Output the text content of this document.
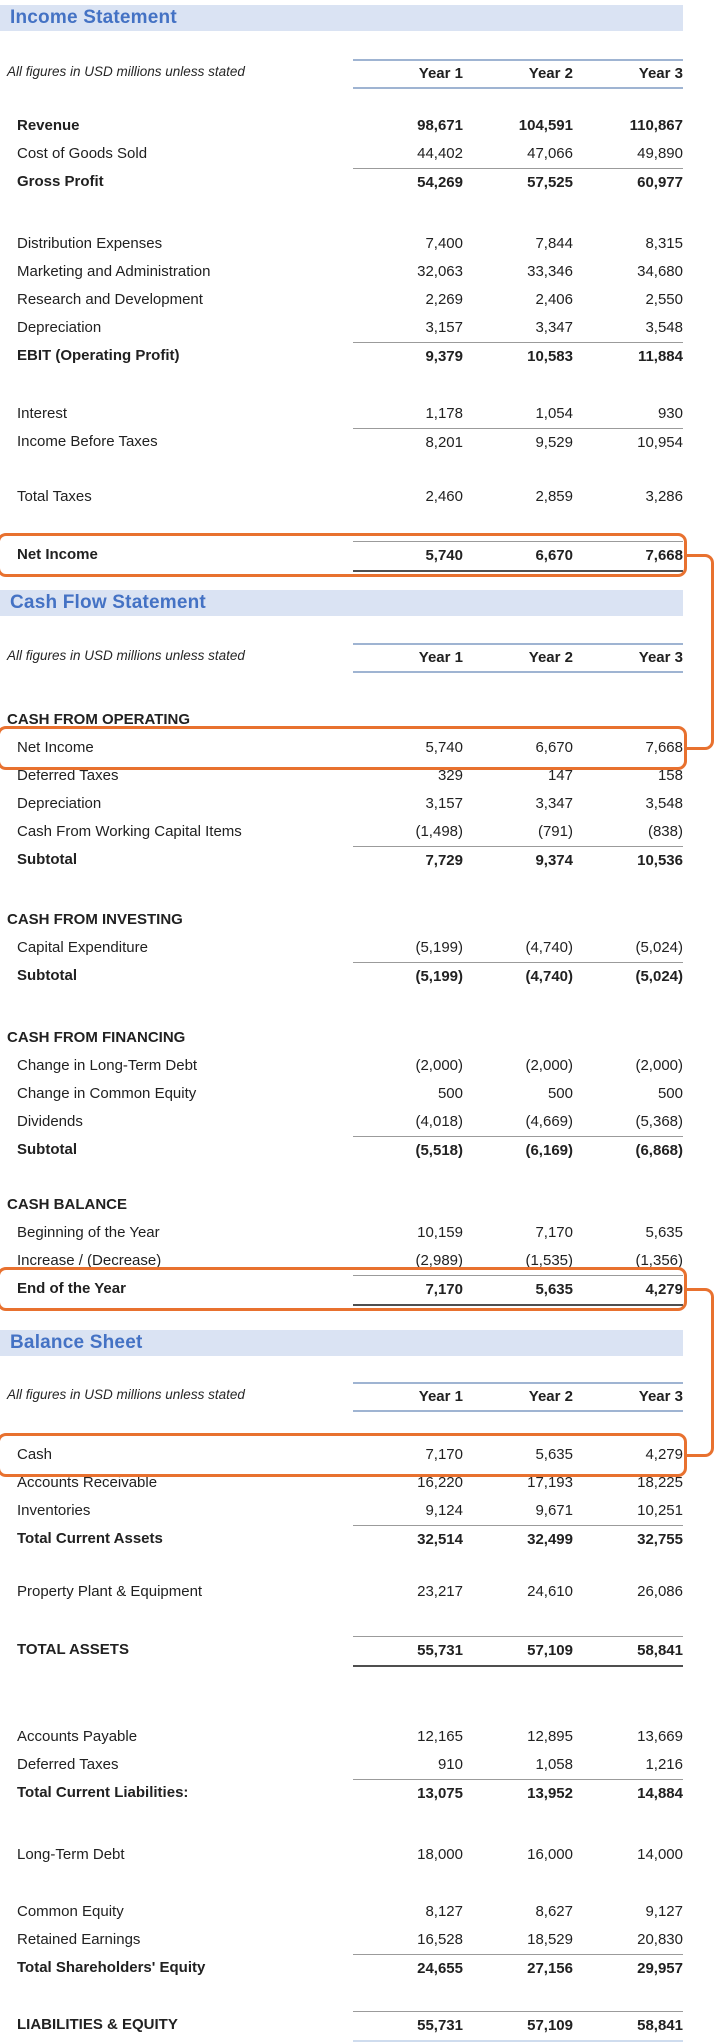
Income Statement
All figures in USD millions unless stated	Year 1	Year 2	Year 3
Revenue	98,671	104,591	110,867
Cost of Goods Sold	44,402	47,066	49,890
Gross Profit	54,269	57,525	60,977
Distribution Expenses	7,400	7,844	8,315
Marketing and Administration	32,063	33,346	34,680
Research and Development	2,269	2,406	2,550
Depreciation	3,157	3,347	3,548
EBIT (Operating Profit)	9,379	10,583	11,884
Interest	1,178	1,054	930
Income Before Taxes	8,201	9,529	10,954
Total Taxes	2,460	2,859	3,286
Net Income	5,740	6,670	7,668
Cash Flow Statement
All figures in USD millions unless stated	Year 1	Year 2	Year 3
CASH FROM OPERATING
Net Income	5,740	6,670	7,668
Deferred Taxes	329	147	158
Depreciation	3,157	3,347	3,548
Cash From Working Capital Items	(1,498)	(791)	(838)
Subtotal	7,729	9,374	10,536
CASH FROM INVESTING
Capital Expenditure	(5,199)	(4,740)	(5,024)
Subtotal	(5,199)	(4,740)	(5,024)
CASH FROM FINANCING
Change in Long-Term Debt	(2,000)	(2,000)	(2,000)
Change in Common Equity	500	500	500
Dividends	(4,018)	(4,669)	(5,368)
Subtotal	(5,518)	(6,169)	(6,868)
CASH BALANCE
Beginning of the Year	10,159	7,170	5,635
Increase / (Decrease)	(2,989)	(1,535)	(1,356)
End of the Year	7,170	5,635	4,279
Balance Sheet
All figures in USD millions unless stated	Year 1	Year 2	Year 3
Cash	7,170	5,635	4,279
Accounts Receivable	16,220	17,193	18,225
Inventories	9,124	9,671	10,251
Total Current Assets	32,514	32,499	32,755
Property Plant & Equipment	23,217	24,610	26,086
TOTAL ASSETS	55,731	57,109	58,841
Accounts Payable	12,165	12,895	13,669
Deferred Taxes	910	1,058	1,216
Total Current Liabilities:	13,075	13,952	14,884
Long-Term Debt	18,000	16,000	14,000
Common Equity	8,127	8,627	9,127
Retained Earnings	16,528	18,529	20,830
Total Shareholders' Equity	24,655	27,156	29,957
LIABILITIES & EQUITY	55,731	57,109	58,841
